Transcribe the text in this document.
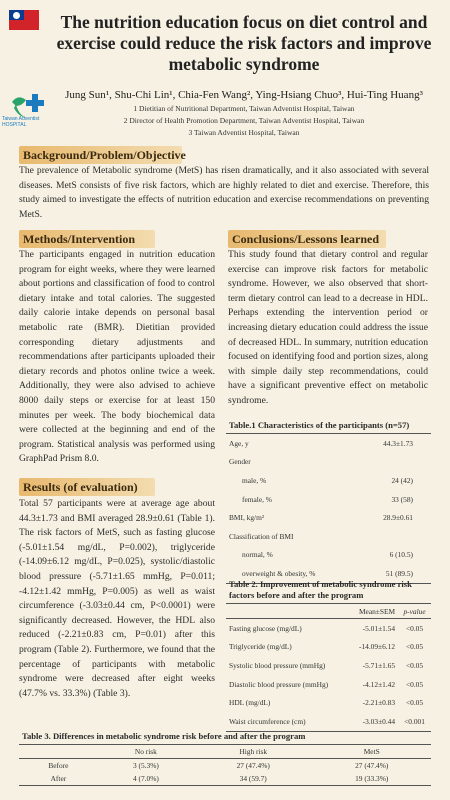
Taiwan Adventist HOSPITAL
The nutrition education focus on diet control and exercise could reduce the risk factors and improve metabolic syndrome
Jung Sun¹, Shu-Chi Lin¹, Chia-Fen Wang², Ying-Hsiang Chuo³, Hui-Ting Huang³
1 Dietitian of Nutritional Department, Taiwan Adventist Hospital, Taiwan
2 Director of Health Promotion Department, Taiwan Adventist Hospital, Taiwan
3 Taiwan Adventist Hospital, Taiwan
Background/Problem/Objective
The prevalence of Metabolic syndrome (MetS) has risen dramatically, and it also associated with several diseases. MetS consists of five risk factors, which are highly related to diet and exercise. Therefore, this study aimed to investigate the effects of nutrition education and exercise recommendations on preventing MetS.
Methods/Intervention
The participants engaged in nutrition education program for eight weeks, where they were learned about portions and classification of food to control dietary intake and total calories. The suggested daily calorie intake depends on personal basal metabolic rate (BMR). Dietitian provided corresponding dietary adjustments and recommendations after participants uploaded their dietary records and photos online twice a week. Additionally, they were also advised to achieve 8000 daily steps or exercise for at least 150 minutes per week. The body biochemical data were collected at the beginning and end of the program. Statistical analysis was performed using GraphPad Prism 8.0.
Results (of evaluation)
Total 57 participants were at average age about 44.3±1.73 and BMI averaged 28.9±0.61 (Table 1). The risk factors of MetS, such as fasting glucose (-5.01±1.54 mg/dL, P=0.002), triglyceride (-14.09±6.12 mg/dL, P=0.025), systolic/diastolic blood pressure (-5.71±1.65 mmHg, P=0.011; -4.12±1.42 mmHg, P=0.005) as well as waist circumference (-3.03±0.44 cm, P<0.0001) were significantly decreased. However, the HDL also reduced (-2.21±0.83 cm, P=0.01) after this program (Table 2). Furthermore, we found that the percentage of participants with metabolic syndrome were decreased after eight weeks (47.7% vs. 33.3%) (Table 3).
Conclusions/Lessons learned
This study found that dietary control and regular exercise can improve risk factors for metabolic syndrome. However, we also observed that short-term dietary control can lead to a decrease in HDL. Perhaps extending the intervention period or increasing dietary education could address the issue of decreased HDL. In summary, nutrition education focused on identifying food and portion sizes, along with simple daily step recommendations, could have a significant preventive effect on metabolic syndrome.
Table.1 Characteristics of the participants (n=57)
Age, y	44.3±1.73
Gender	
male, %	24 (42)
female, %	33 (58)
BMI, kg/m²	28.9±0.61
Classification of BMI	
normal, %	6 (10.5)
overweight & obesity, %	51 (89.5)
Table 2. Improvement of metabolic syndrome risk factors before and after the program
	Mean±SEM	p-value
Fasting glucose (mg/dL)	-5.01±1.54	<0.05
Triglyceride (mg/dL)	-14.09±6.12	<0.05
Systolic blood pressure (mmHg)	-5.71±1.65	<0.05
Diastolic blood pressure (mmHg)	-4.12±1.42	<0.05
HDL (mg/dL)	-2.21±0.83	<0.05
Waist circumference (cm)	-3.03±0.44	<0.001
Table 3. Differences in metabolic syndrome risk before and after the program
	No risk	High risk	MetS
Before	3 (5.3%)	27 (47.4%)	27 (47.4%)
After	4 (7.0%)	34 (59.7)	19 (33.3%)
